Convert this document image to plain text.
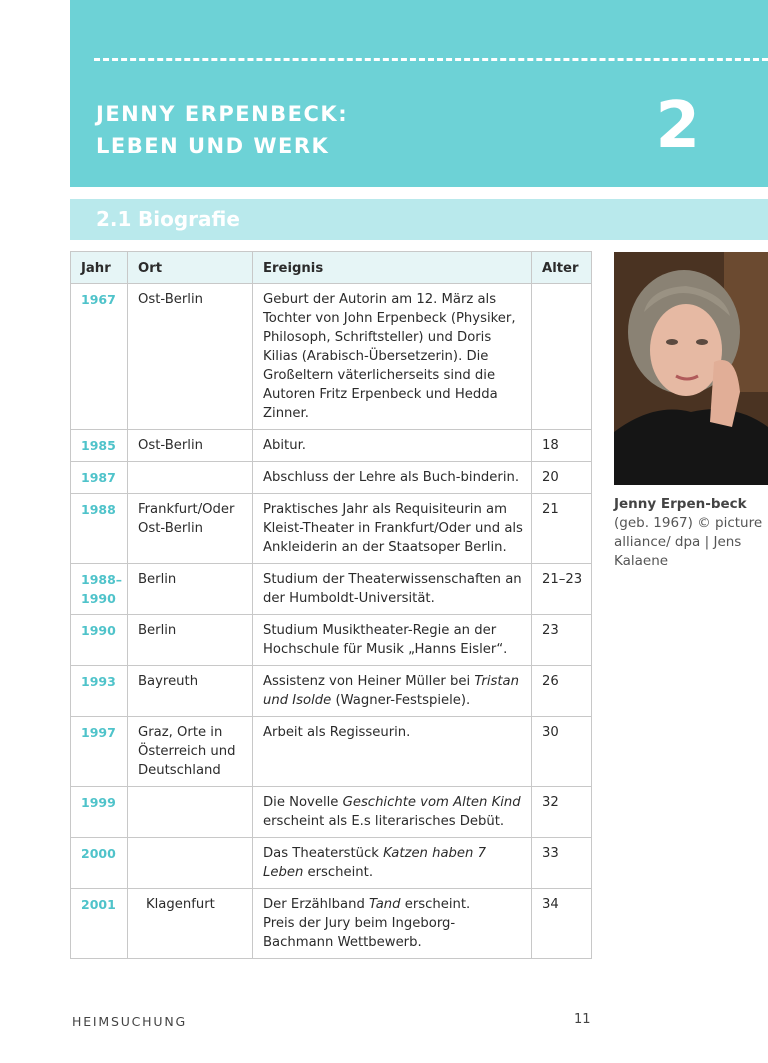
JENNY ERPENBECK:
LEBEN UND WERK	2
2.1 Biografie
Jahr	Ort	Ereignis	Alter
1967	Ost-Berlin	Geburt der Autorin am 12. März als Tochter von John Erpenbeck (Physiker, Philosoph, Schriftsteller) und Doris Kilias (Arabisch-Übersetzerin). Die Großeltern väterlicherseits sind die Autoren Fritz Erpenbeck und Hedda Zinner.	
1985	Ost-Berlin	Abitur.	18
1987		Abschluss der Lehre als Buch-binderin.	20
1988	Frankfurt/Oder Ost-Berlin	Praktisches Jahr als Requisiteurin am Kleist-Theater in Frankfurt/Oder und als Ankleiderin an der Staatsoper Berlin.	21
1988–1990	Berlin	Studium der Theaterwissenschaften an der Humboldt-Universität.	21–23
1990	Berlin	Studium Musiktheater-Regie an der Hochschule für Musik „Hanns Eisler“.	23
1993	Bayreuth	Assistenz von Heiner Müller bei Tristan und Isolde (Wagner-Festspiele).	26
1997	Graz, Orte in Österreich und Deutschland	Arbeit als Regisseurin.	30
1999		Die Novelle Geschichte vom Alten Kind erscheint als E.s literarisches Debüt.	32
2000		Das Theaterstück Katzen haben 7 Leben erscheint.	33
2001	Klagenfurt	Der Erzählband Tand erscheint.
Preis der Jury beim Ingeborg-Bachmann Wettbewerb.	34
Jenny Erpen-beck (geb. 1967) © picture alliance/ dpa | Jens Kalaene
HEIMSUCHUNG	11
